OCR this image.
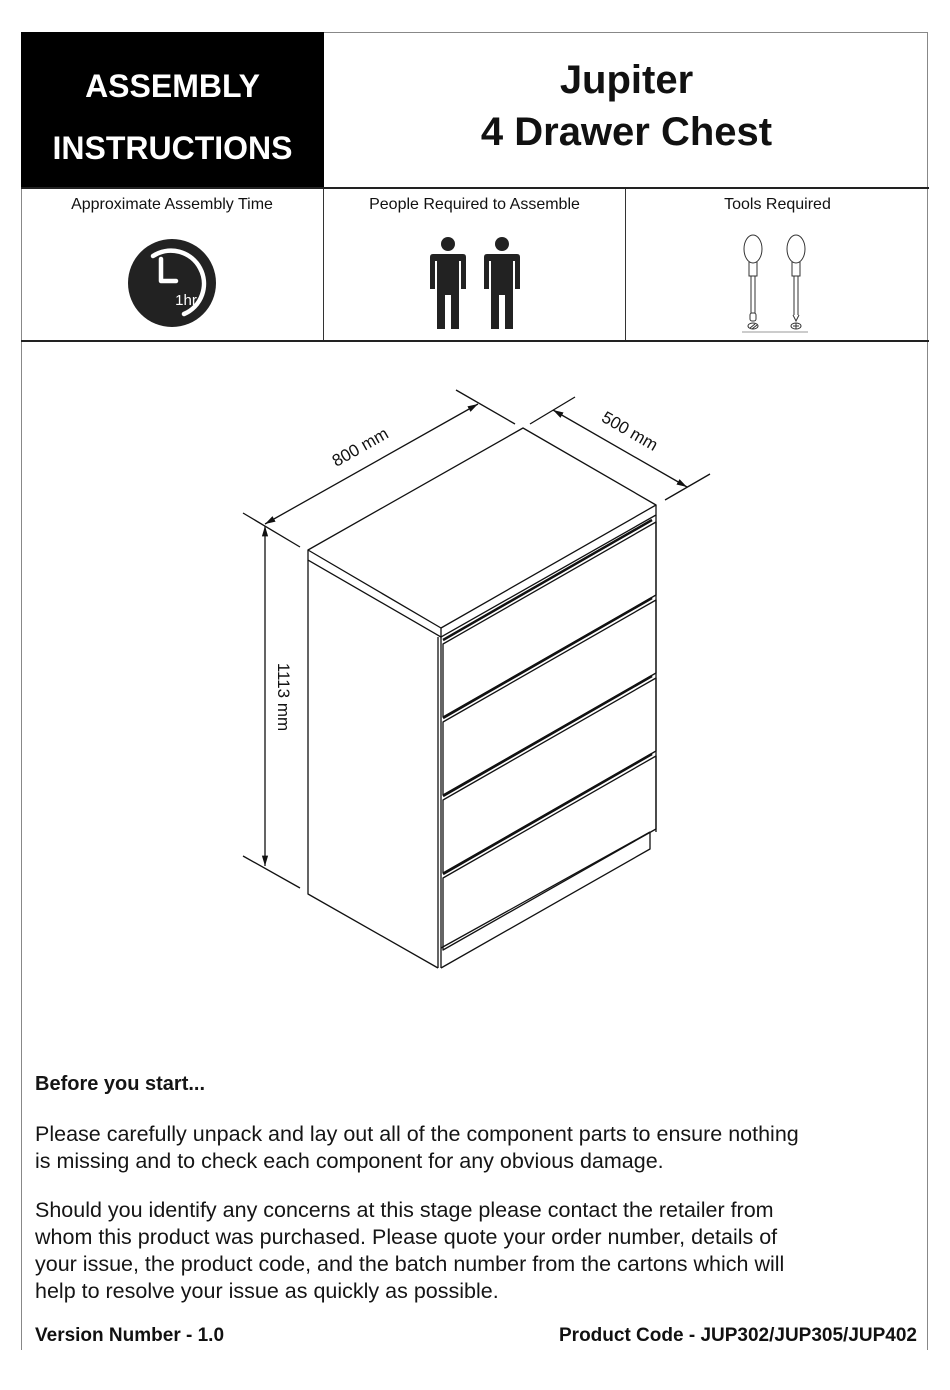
ASSEMBLY
INSTRUCTIONS
Jupiter
4 Drawer Chest
Approximate Assembly Time
1hr
People Required to Assemble	Tools Required
800 mm	500 mm
1113 mm
Before you start...
Please carefully unpack and lay out all of the component parts to ensure nothing
is missing and to check each component for any obvious damage.
Should you identify any concerns at this stage please contact the retailer from
whom this product was purchased. Please quote your order number, details of
your issue, the product code, and the batch number from the cartons which will
help to resolve your issue as quickly as possible.
Version Number - 1.0	Product Code - JUP302/JUP305/JUP402
